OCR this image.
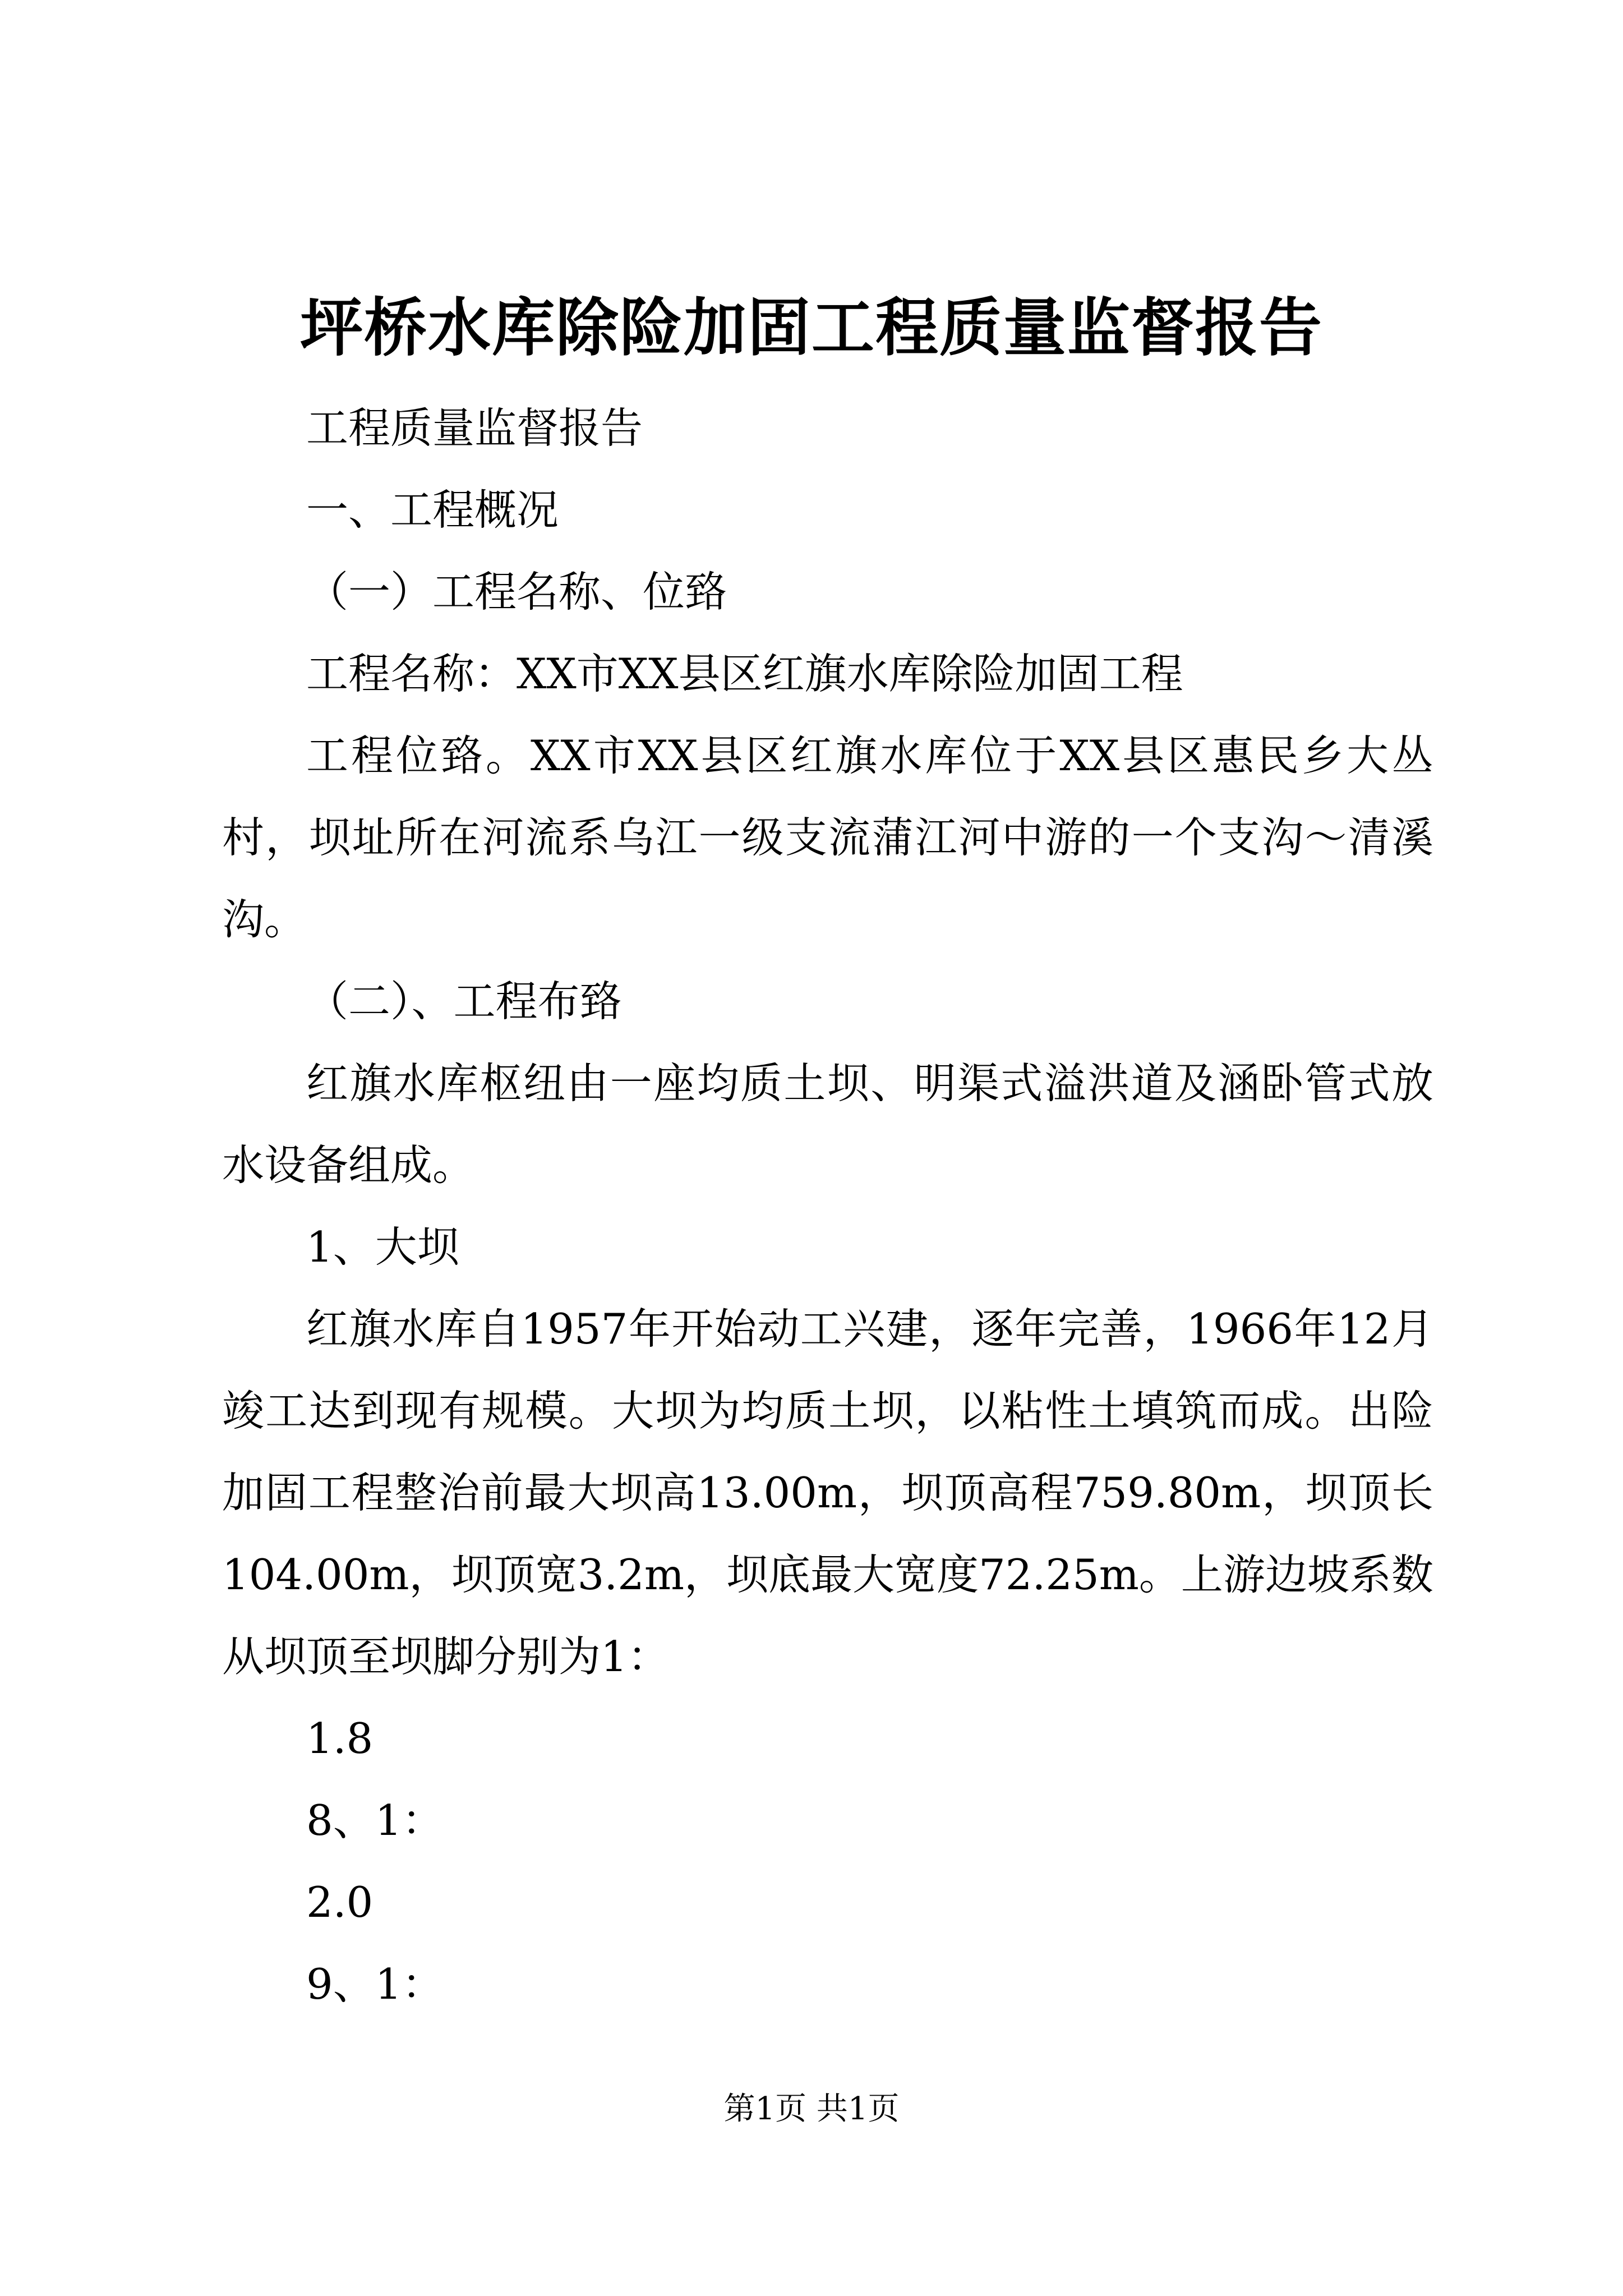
坪桥水库除险加固工程质量监督报告

工程质量监督报告

一、工程概况

（一）工程名称、位臵

工程名称：XX市XX县区红旗水库除险加固工程

工程位臵。XX市XX县区红旗水库位于XX县区惠民乡大丛村，坝址所在河流系乌江一级支流蒲江河中游的一个支沟～清溪沟。

（二）、工程布臵

红旗水库枢纽由一座均质土坝、明渠式溢洪道及涵卧管式放水设备组成。

1、大坝

红旗水库自1957年开始动工兴建，逐年完善，1966年12月竣工达到现有规模。大坝为均质土坝，以粘性土填筑而成。出险加固工程整治前最大坝高13.00m，坝顶高程759.80m，坝顶长104.00m，坝顶宽3.2m，坝底最大宽度72.25m。上游边坡系数从坝顶至坝脚分别为1：

1.8

8、1：

2.0

9、1：

第1页 共1页
